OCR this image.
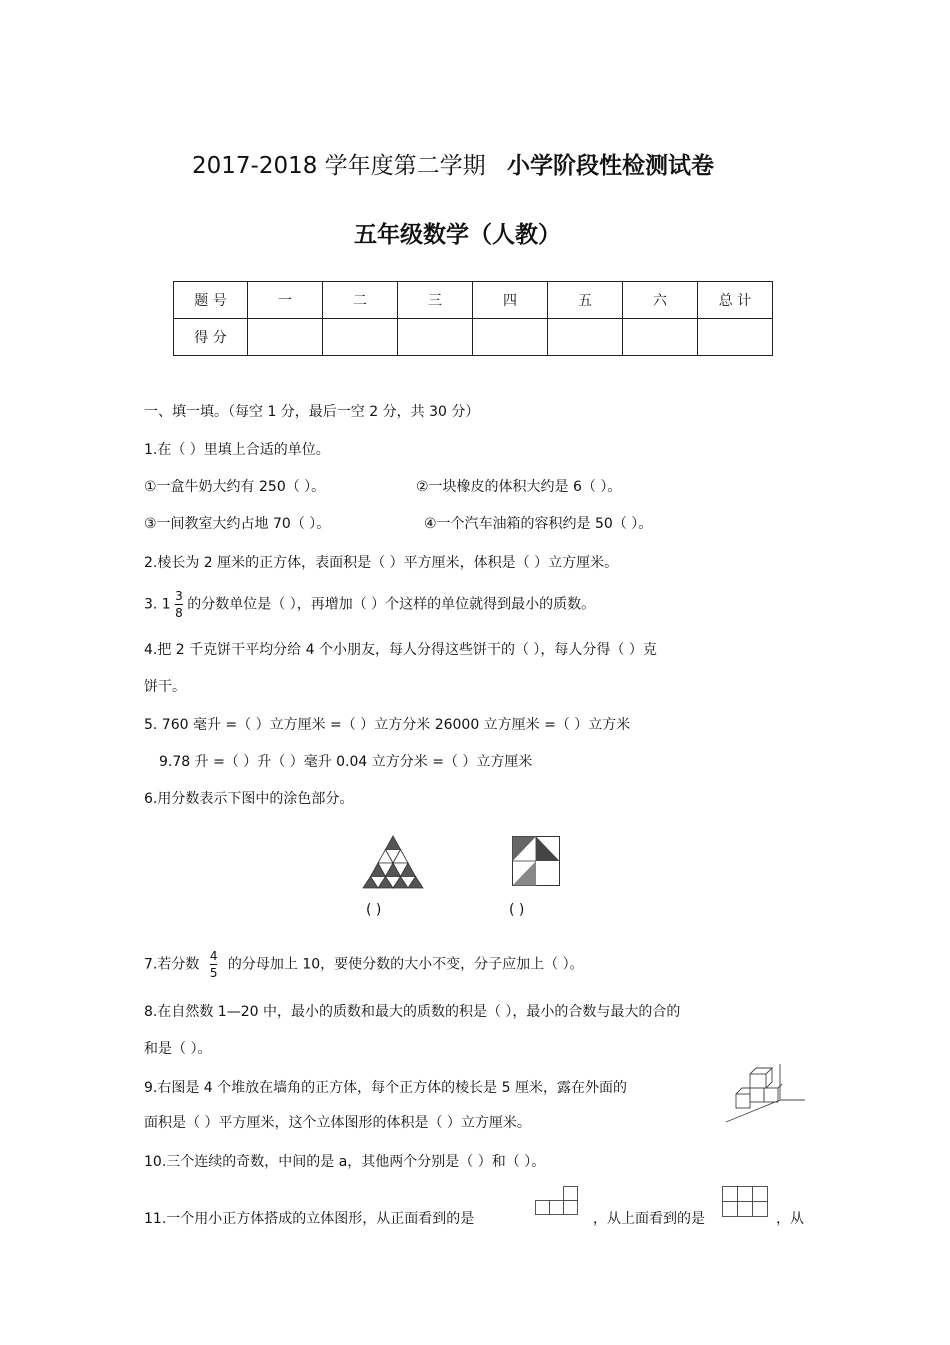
2017-2018 学年度第二学期 小学阶段性检测试卷
五年级数学（人教）
题 号	一	二	三	四	五	六	总 计
得 分							
一、填一填。（每空 1 分，最后一空 2 分，共 30 分）
1.在（ ）里填上合适的单位。
①一盒牛奶大约有 250（ ）。	②一块橡皮的体积大约是 6（ ）。
③一间教室大约占地 70（ ）。	④一个汽车油箱的容积约是 50（ ）。
2.棱长为 2 厘米的正方体，表面积是（ ）平方厘米，体积是（ ）立方厘米。
3. $1 \frac{3}{8}$ 的分数单位是（ ），再增加（ ）个这样的单位就得到最小的质数。
4.把 2 千克饼干平均分给 4 个小朋友，每人分得这些饼干的（ ），每人分得（ ）克
饼干。
5. 760 毫升 =（ ）立方厘米 =（ ）立方分米 26000 立方厘米 =（ ）立方米
9.78 升 =（ ）升（ ）毫升 0.04 立方分米 =（ ）立方厘米
6.用分数表示下图中的涂色部分。
( )	( )
7.若分数 $\frac{4}{5}$ 的分母加上 10，要使分数的大小不变，分子应加上（ ）。
8.在自然数 1—20 中，最小的质数和最大的质数的积是（ ），最小的合数与最大的合的
和是（ ）。
9.右图是 4 个堆放在墙角的正方体，每个正方体的棱长是 5 厘米，露在外面的
面积是（ ）平方厘米，这个立体图形的体积是（ ）立方厘米。
10.三个连续的奇数，中间的是 a，其他两个分别是（ ）和（ ）。
11.一个用小正方体搭成的立体图形，从正面看到的是	，从上面看到的是	，从
